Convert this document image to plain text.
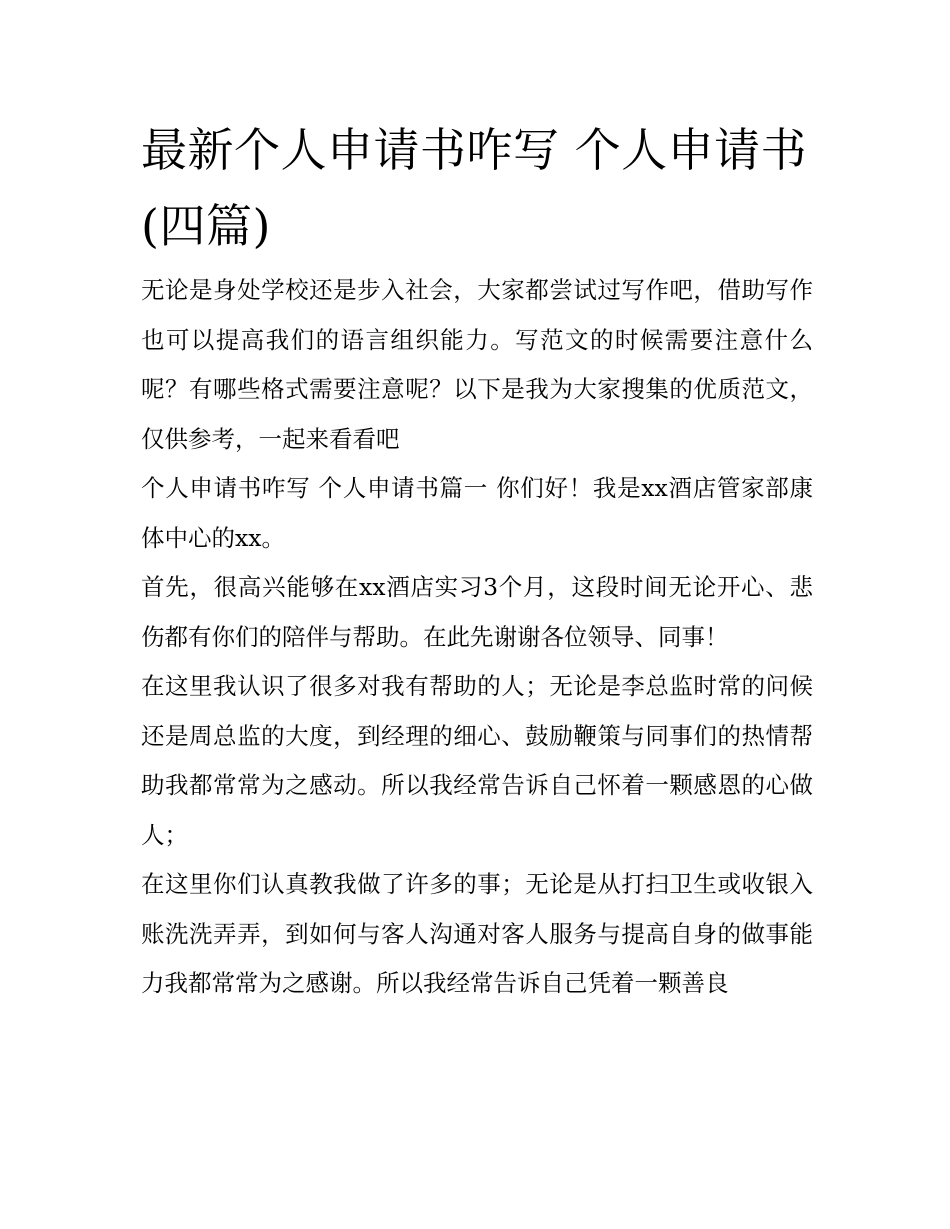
最新个人申请书咋写 个人申请书(四篇)

无论是身处学校还是步入社会，大家都尝试过写作吧，借助写作也可以提高我们的语言组织能力。写范文的时候需要注意什么呢？有哪些格式需要注意呢？以下是我为大家搜集的优质范文，仅供参考，一起来看看吧

个人申请书咋写 个人申请书篇一 你们好！我是xx酒店管家部康体中心的xx。

首先，很高兴能够在xx酒店实习3个月，这段时间无论开心、悲伤都有你们的陪伴与帮助。在此先谢谢各位领导、同事！

在这里我认识了很多对我有帮助的人；无论是李总监时常的问候还是周总监的大度，到经理的细心、鼓励鞭策与同事们的热情帮助我都常常为之感动。所以我经常告诉自己怀着一颗感恩的心做人；

在这里你们认真教我做了许多的事；无论是从打扫卫生或收银入账洗洗弄弄，到如何与客人沟通对客人服务与提高自身的做事能力我都常常为之感谢。所以我经常告诉自己凭着一颗善良
